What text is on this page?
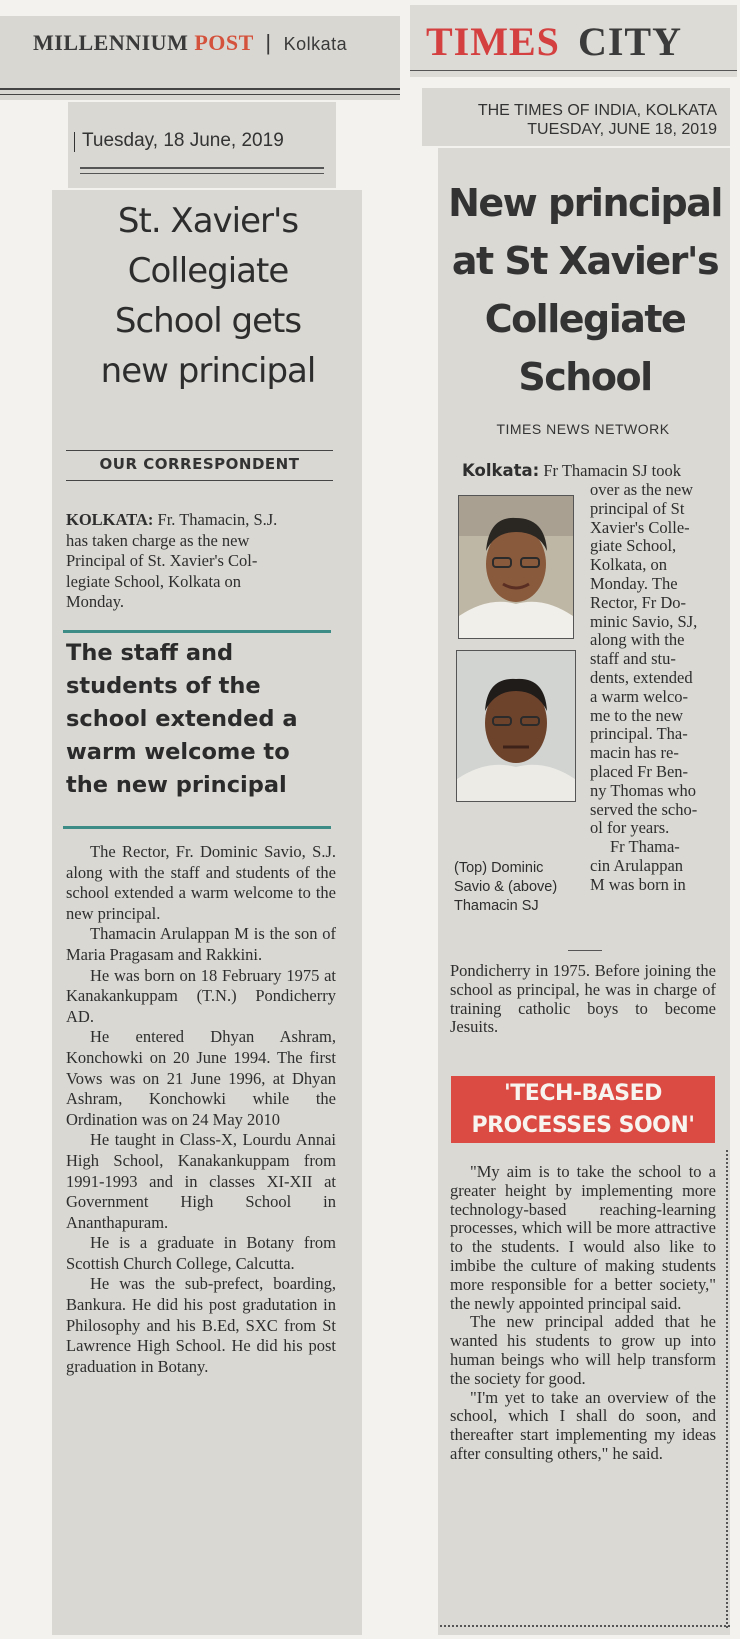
MILLENNIUM POST | Kolkata
Tuesday, 18 June, 2019
St. Xavier's
Collegiate
School gets
new principal
OUR CORRESPONDENT
KOLKATA: Fr. Thamacin, S.J.
has taken charge as the new
Principal of St. Xavier's Col-
legiate School, Kolkata on
Monday.
The staff and
students of the
school extended a
warm welcome to
the new principal

The Rector, Fr. Dominic Savio, S.J. along with the staff and students of the school extended a warm welcome to the new principal.

Thamacin Arulappan M is the son of Maria Pragasam and Rakkini.

He was born on 18 February 1975 at Kanakankuppam (T.N.) Pondicherry AD.

He entered Dhyan Ashram, Konchowki on 20 June 1994. The first Vows was on 21 June 1996, at Dhyan Ashram, Konchowki while the Ordination was on 24 May 2010

He taught in Class-X, Lourdu Annai High School, Kanakankuppam from 1991-1993 and in classes XI-XII at Government High School in Ananthapuram.

He is a graduate in Botany from Scottish Church College, Calcutta.

He was the sub-prefect, boarding, Bankura. He did his post gradutation in Philosophy and his B.Ed, SXC from St Lawrence High School. He did his post graduation in Botany.

TIMES CITY
THE TIMES OF INDIA, KOLKATA
TUESDAY, JUNE 18, 2019
New principal
at St Xavier's
Collegiate
School
TIMES NEWS NETWORK
Kolkata: Fr Thamacin SJ took
over as the new
principal of St
Xavier's Colle-
giate School,
Kolkata, on
Monday. The
Rector, Fr Do-
minic Savio, SJ,
along with the
staff and stu-
dents, extended
a warm welco-
me to the new
principal. Tha-
macin has re-
placed Fr Ben-
ny Thomas who
served the scho-
ol for years.
Fr Thama-
cin Arulappan
M was born in
(Top) Dominic Savio & (above) Thamacin SJ
Pondicherry in 1975. Before joining the school as principal, he was in charge of training catholic boys to become Jesuits.
'TECH-BASED
PROCESSES SOON'

"My aim is to take the school to a greater height by implementing more technology-based reaching-learning processes, which will be more attractive to the students. I would also like to imbibe the culture of making students more responsible for a better society," the newly appointed principal said.

The new principal added that he wanted his students to grow up into human beings who will help transform the society for good.

"I'm yet to take an overview of the school, which I shall do soon, and thereafter start implementing my ideas after consulting others," he said.
